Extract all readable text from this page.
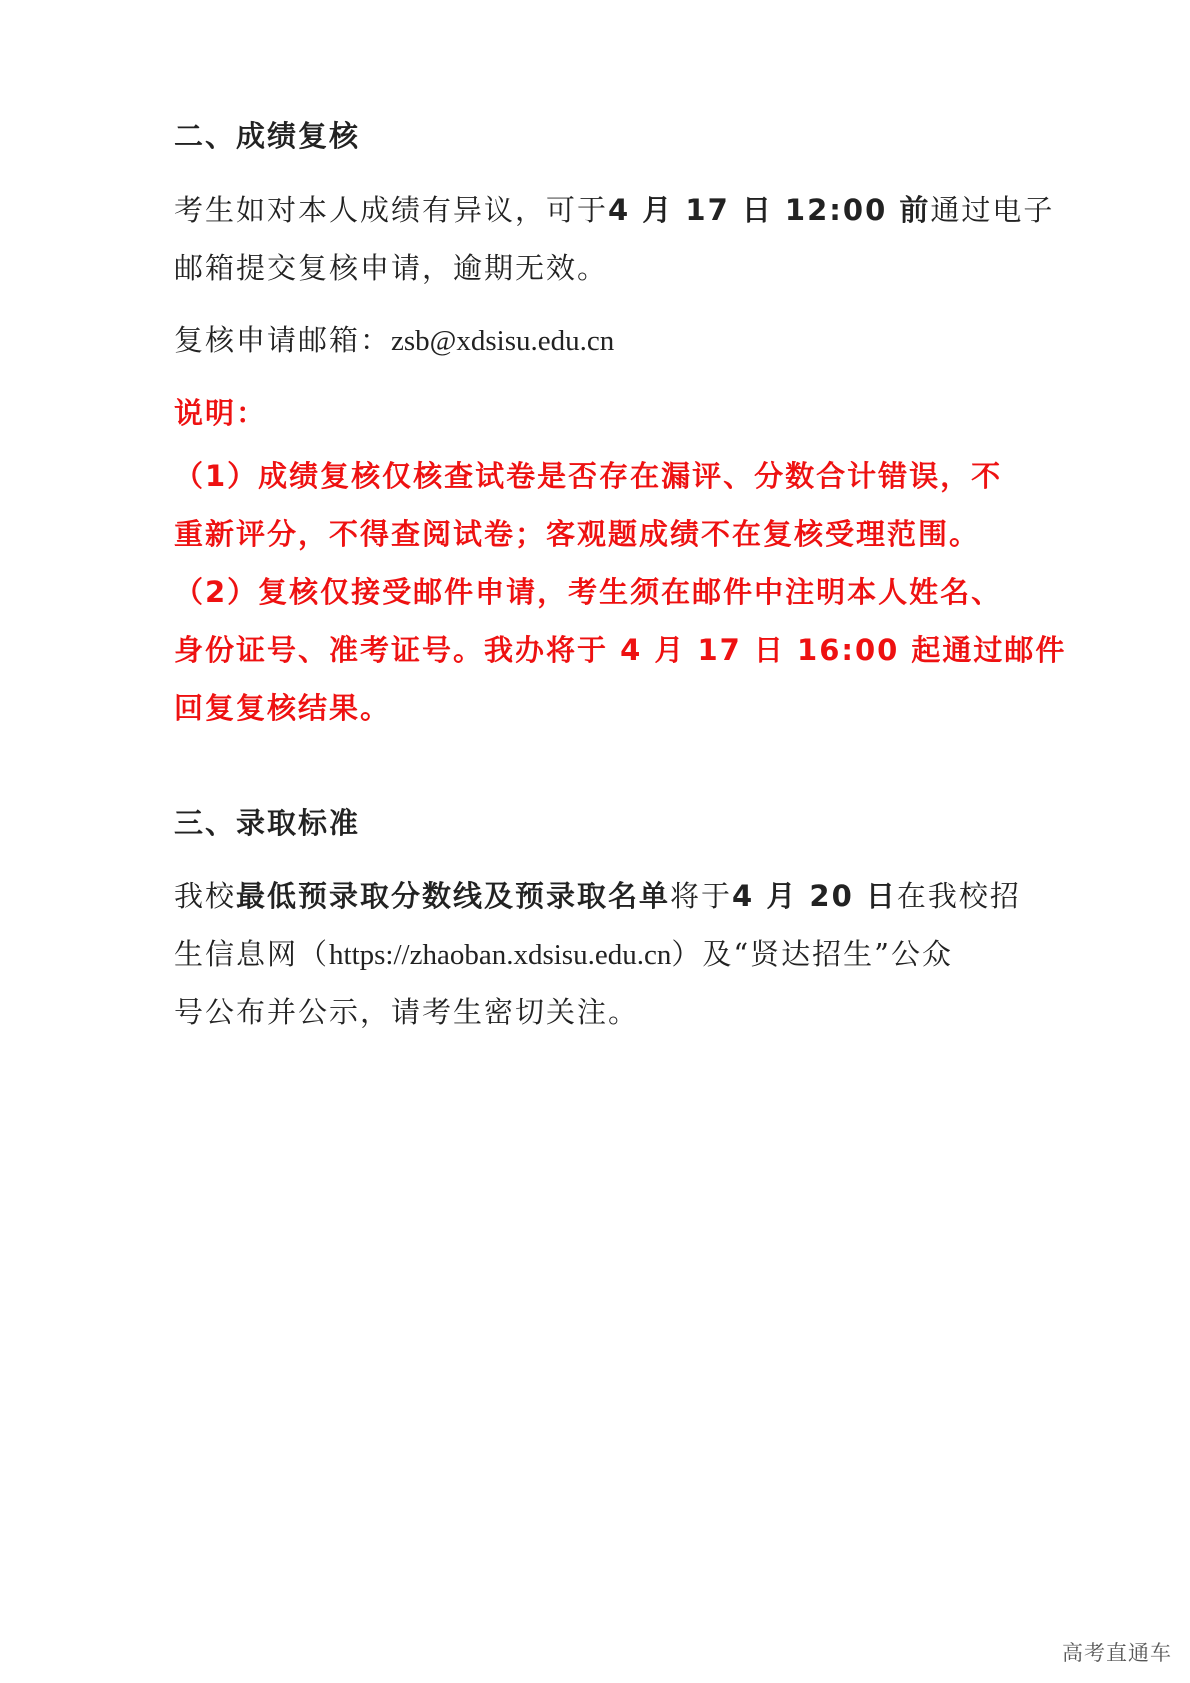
二、成绩复核
考生如对本人成绩有异议，可于4 月 17 日 12:00 前通过电子
邮箱提交复核申请，逾期无效。
复核申请邮箱：zsb@xdsisu.edu.cn
说明：
（1）成绩复核仅核查试卷是否存在漏评、分数合计错误，不
重新评分，不得查阅试卷；客观题成绩不在复核受理范围。
（2）复核仅接受邮件申请，考生须在邮件中注明本人姓名、
身份证号、准考证号。我办将于 4 月 17 日 16:00 起通过邮件
回复复核结果。
三、录取标准
我校最低预录取分数线及预录取名单将于4 月 20 日在我校招
生信息网（https://zhaoban.xdsisu.edu.cn）及“贤达招生”公众
号公布并公示，请考生密切关注。
高考直通车
